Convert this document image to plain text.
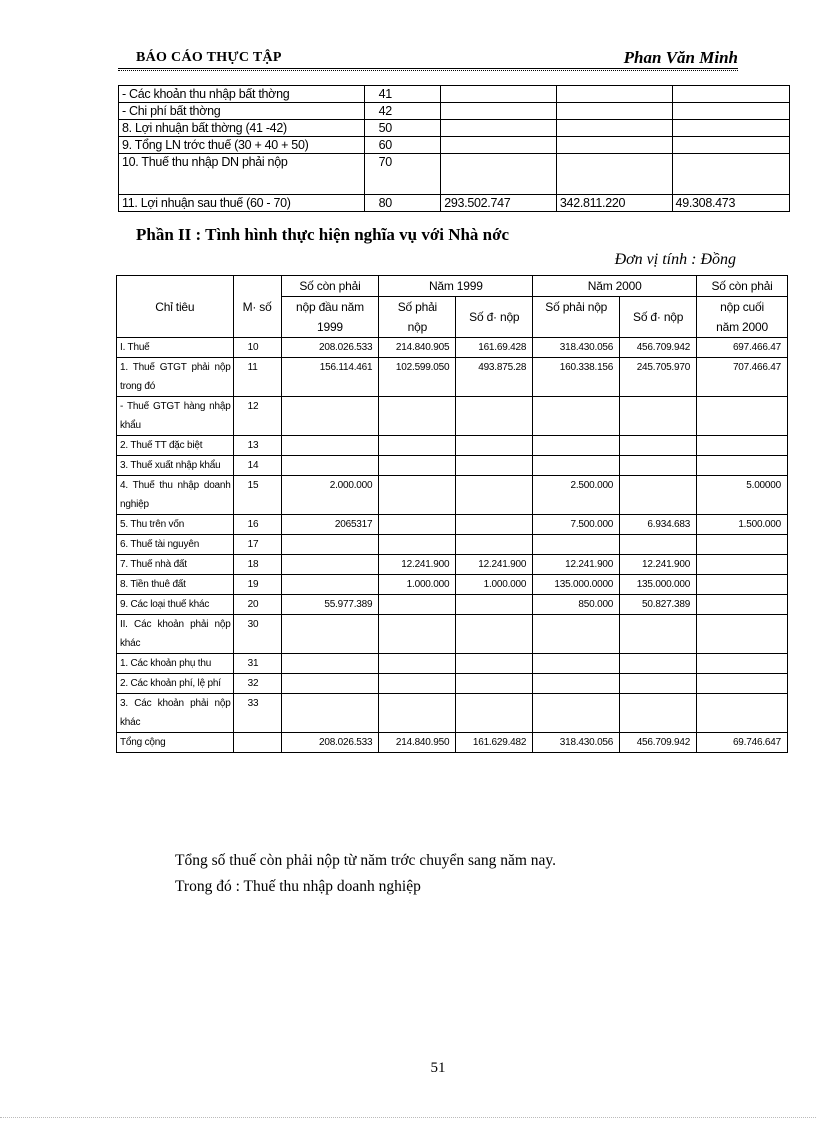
BÁO CÁO THỰC TẬP	Phan Văn Minh
- Các khoản thu nhập bất thờng	41			
- Chi phí bất thờng	42			
8. Lợi nhuận bất thờng (41 -42)	50			
9. Tổng LN trớc thuế (30 + 40 + 50)	60			
10. Thuế thu nhập DN phải nộp	70			
11. Lợi nhuận sau thuế (60 - 70)	80	293.502.747	342.811.220	49.308.473
Phần II : Tình hình thực hiện nghĩa vụ với Nhà nớc
Đơn vị tính : Đồng
Chỉ tiêu	M· số	Số còn phải	Năm 1999		Năm 2000		Số còn phải
		nộp đầu năm	Số phải	Số đ· nộp	Số phải nộp	Số đ· nộp	nộp cuối
		1999	nộp				năm 2000
I. Thuế	10	208.026.533	214.840.905	161.69.428	318.430.056	456.709.942	697.466.47
1. Thuế GTGT phải nộp trong đó	11	156.114.461	102.599.050	493.875.28	160.338.156	245.705.970	707.466.47
- Thuế GTGT hàng nhập khẩu	12						
2. Thuế TT đặc biệt	13						
3. Thuế xuất nhập khẩu	14						
4. Thuế thu nhập doanh nghiệp	15	2.000.000			2.500.000		5.00000
5. Thu trên vốn	16	2065317			7.500.000	6.934.683	1.500.000
6. Thuế tài nguyên	17						
7. Thuế nhà đất	18		12.241.900	12.241.900	12.241.900	12.241.900	
8. Tiền thuê đất	19		1.000.000	1.000.000	135.000.0000	135.000.000	
9. Các loại thuế khác	20	55.977.389			850.000	50.827.389	
II. Các khoản phải nộp khác	30						
1. Các khoản phụ thu	31						
2. Các khoản phí, lệ phí	32						
3. Các khoản phải nộp khác	33						
Tổng cộng		208.026.533	214.840.950	161.629.482	318.430.056	456.709.942	69.746.647
Tổng số thuế còn phải nộp từ năm trớc chuyển sang năm nay.
Trong đó : Thuế thu nhập doanh nghiệp
51
